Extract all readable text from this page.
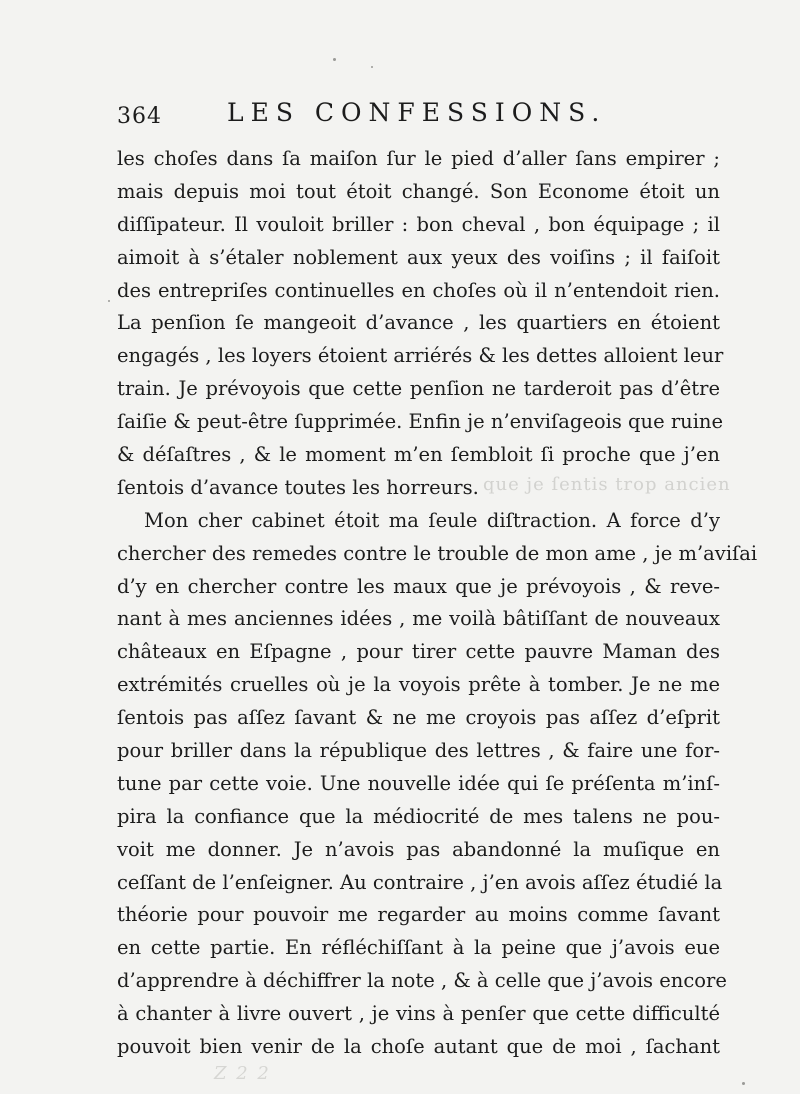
364	LES CONFESSIONS.
que je ſentis trop ancien
les choſes dans ſa maiſon ſur le pied d’aller ſans empirer ;
mais depuis moi tout étoit changé. Son Econome étoit un
diſſipateur. Il vouloit briller : bon cheval , bon équipage ; il
aimoit à s’étaler noblement aux yeux des voiſins ; il faiſoit
des entrepriſes continuelles en choſes où il n’entendoit rien.
La penſion ſe mangeoit d’avance , les quartiers en étoient
engagés , les loyers étoient arriérés & les dettes alloient leur
train. Je prévoyois que cette penſion ne tarderoit pas d’être
ſaiſie & peut-être ſupprimée. Enfin je n’enviſageois que ruine
& déſaſtres , & le moment m’en ſembloit ſi proche que j’en
ſentois d’avance toutes les horreurs.
Mon cher cabinet étoit ma ſeule diſtraction. A force d’y
chercher des remedes contre le trouble de mon ame , je m’aviſai
d’y en chercher contre les maux que je prévoyois , & reve-
nant à mes anciennes idées , me voilà bâtiſſant de nouveaux
châteaux en Eſpagne , pour tirer cette pauvre Maman des
extrémités cruelles où je la voyois prête à tomber. Je ne me
ſentois pas aſſez ſavant & ne me croyois pas aſſez d’eſprit
pour briller dans la république des lettres , & faire une for-
tune par cette voie. Une nouvelle idée qui ſe préſenta m’inſ-
pira la confiance que la médiocrité de mes talens ne pou-
voit me donner. Je n’avois pas abandonné la muſique en
ceſſant de l’enſeigner. Au contraire , j’en avois aſſez étudié la
théorie pour pouvoir me regarder au moins comme ſavant
en cette partie. En réfléchiſſant à la peine que j’avois eue
d’apprendre à déchiffrer la note , & à celle que j’avois encore
à chanter à livre ouvert , je vins à penſer que cette difficulté
pouvoit bien venir de la choſe autant que de moi , ſachant
Z 2 2
